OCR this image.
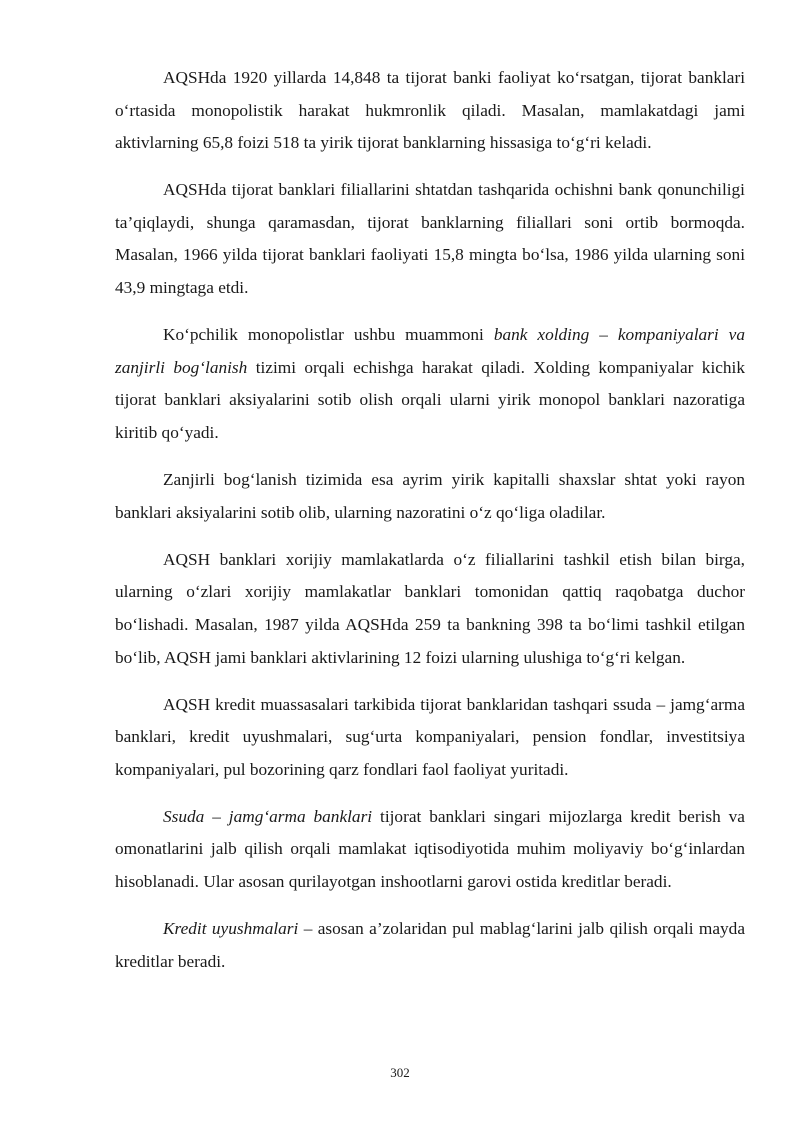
AQSHda 1920 yillarda 14,848 ta tijorat banki faoliyat ko‘rsatgan, tijorat banklari o‘rtasida monopolistik harakat hukmronlik qiladi. Masalan, mamlakatdagi jami aktivlarning 65,8 foizi 518 ta yirik tijorat banklarning hissasiga to‘g‘ri keladi.

AQSHda tijorat banklari filiallarini shtatdan tashqarida ochishni bank qonunchiligi ta’qiqlaydi, shunga qaramasdan, tijorat banklarning filiallari soni ortib bormoqda. Masalan, 1966 yilda tijorat banklari faoliyati 15,8 mingta bo‘lsa, 1986 yilda ularning soni 43,9 mingtaga etdi.

Ko‘pchilik monopolistlar ushbu muammoni bank xolding – kompaniyalari va zanjirli bog‘lanish tizimi orqali echishga harakat qiladi. Xolding kompaniyalar kichik tijorat banklari aksiyalarini sotib olish orqali ularni yirik monopol banklari nazoratiga kiritib qo‘yadi.

Zanjirli bog‘lanish tizimida esa ayrim yirik kapitalli shaxslar shtat yoki rayon banklari aksiyalarini sotib olib, ularning nazoratini o‘z qo‘liga oladilar.

AQSH banklari xorijiy mamlakatlarda o‘z filiallarini tashkil etish bilan birga, ularning o‘zlari xorijiy mamlakatlar banklari tomonidan qattiq raqobatga duchor bo‘lishadi. Masalan, 1987 yilda AQSHda 259 ta bankning 398 ta bo‘limi tashkil etilgan bo‘lib, AQSH jami banklari aktivlarining 12 foizi ularning ulushiga to‘g‘ri kelgan.

AQSH kredit muassasalari tarkibida tijorat banklaridan tashqari ssuda – jamg‘arma banklari, kredit uyushmalari, sug‘urta kompaniyalari, pension fondlar, investitsiya kompaniyalari, pul bozorining qarz fondlari faol faoliyat yuritadi.

Ssuda – jamg‘arma banklari tijorat banklari singari mijozlarga kredit berish va omonatlarini jalb qilish orqali mamlakat iqtisodiyotida muhim moliyaviy bo‘g‘inlardan hisoblanadi. Ular asosan qurilayotgan inshootlarni garovi ostida kreditlar beradi.

Kredit uyushmalari – asosan a’zolaridan pul mablag‘larini jalb qilish orqali mayda kreditlar beradi.

302
